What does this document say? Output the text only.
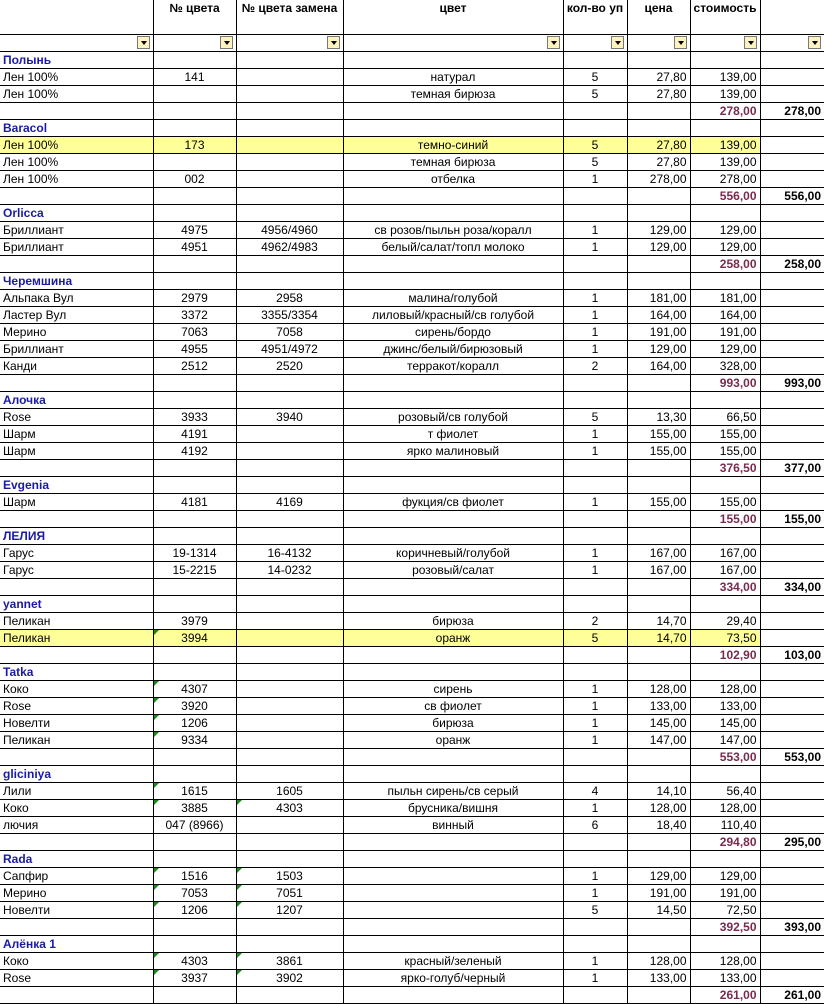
	№ цвета	№ цвета замена	цвет	кол-во уп	цена	стоимость	

Полынь							
Лен 100%	141		натурал	5	27,80	139,00	
Лен 100%			темная бирюза	5	27,80	139,00	
						278,00	278,00
Baracol							
Лен 100%	173		темно-синий	5	27,80	139,00	
Лен 100%			темная бирюза	5	27,80	139,00	
Лен 100%	002		отбелка	1	278,00	278,00	
						556,00	556,00
Orlicca							
Бриллиант	4975	4956/4960	св розов/пыльн роза/коралл	1	129,00	129,00	
Бриллиант	4951	4962/4983	белый/салат/топл молоко	1	129,00	129,00	
						258,00	258,00
Черемшина							
Альпака Вул	2979	2958	малина/голубой	1	181,00	181,00	
Ластер Вул	3372	3355/3354	лиловый/красный/св голубой	1	164,00	164,00	
Мерино	7063	7058	сирень/бордо	1	191,00	191,00	
Бриллиант	4955	4951/4972	джинс/белый/бирюзовый	1	129,00	129,00	
Канди	2512	2520	терракот/коралл	2	164,00	328,00	
						993,00	993,00
Алочка							
Rose	3933	3940	розовый/св голубой	5	13,30	66,50	
Шарм	4191		т фиолет	1	155,00	155,00	
Шарм	4192		ярко малиновый	1	155,00	155,00	
						376,50	377,00
Evgenia							
Шарм	4181	4169	фукция/св фиолет	1	155,00	155,00	
						155,00	155,00
ЛЕЛИЯ							
Гарус	19-1314	16-4132	коричневый/голубой	1	167,00	167,00	
Гарус	15-2215	14-0232	розовый/салат	1	167,00	167,00	
						334,00	334,00
yannet							
Пеликан	3979		бирюза	2	14,70	29,40	
Пеликан	3994		оранж	5	14,70	73,50	
						102,90	103,00
Tatka							
Коко	4307		сирень	1	128,00	128,00	
Rose	3920		св фиолет	1	133,00	133,00	
Новелти	1206		бирюза	1	145,00	145,00	
Пеликан	9334		оранж	1	147,00	147,00	
						553,00	553,00
gliciniya							
Лили	1615	1605	пыльн сирень/св серый	4	14,10	56,40	
Коко	3885	4303	брусника/вишня	1	128,00	128,00	
лючия	047 (8966)		винный	6	18,40	110,40	
						294,80	295,00
Rada							
Сапфир	1516	1503		1	129,00	129,00	
Мерино	7053	7051		1	191,00	191,00	
Новелти	1206	1207		5	14,50	72,50	
						392,50	393,00
Алёнка 1							
Коко	4303	3861	красный/зеленый	1	128,00	128,00	
Rose	3937	3902	ярко-голуб/черный	1	133,00	133,00	
						261,00	261,00
